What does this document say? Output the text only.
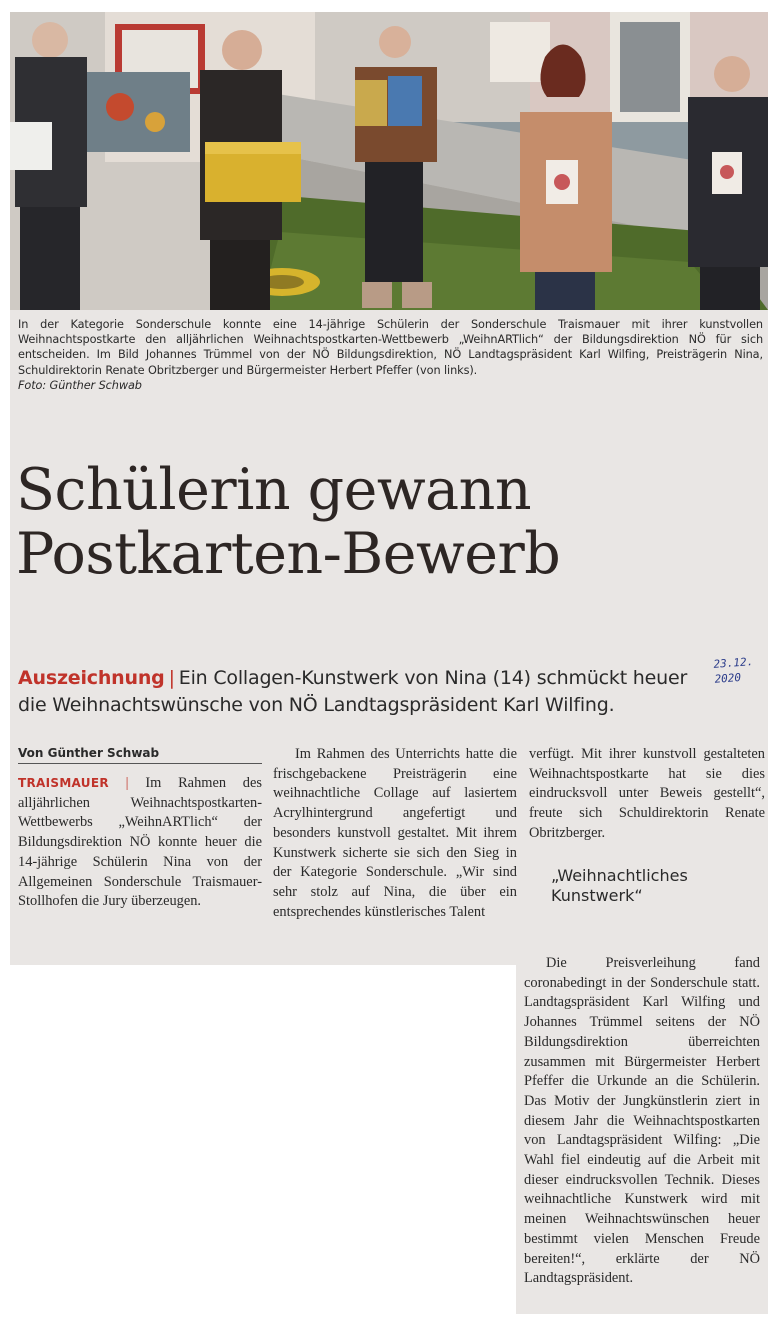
In der Kategorie Sonderschule konnte eine 14-jährige Schülerin der Sonderschule Traismauer mit ihrer kunstvollen Weihnachtspostkarte den alljährlichen Weihnachtspostkarten-Wettbewerb „WeihnARTlich“ der Bildungsdirektion NÖ für sich entscheiden. Im Bild Johannes Trümmel von der NÖ Bildungsdirektion, NÖ Landtagspräsident Karl Wilfing, Preisträgerin Nina, Schuldirektorin Renate Obritzberger und Bürgermeister Herbert Pfeffer (von links).
Foto: Günther Schwab
Schülerin gewann
Postkarten-Bewerb
Auszeichnung | Ein Collagen-Kunstwerk von Nina (14) schmückt heuer die Weihnachtswünsche von NÖ Landtagspräsident Karl Wilfing.
23.12.
2020
Von Günther Schwab

TRAISMAUER | Im Rahmen des alljährlichen Weihnachtspostkarten-Wettbewerbs „WeihnARTlich“ der Bildungsdirektion NÖ konnte heuer die 14-jährige Schülerin Nina von der Allgemeinen Sonderschule Traismauer-Stollhofen die Jury überzeugen.

Im Rahmen des Unterrichts hatte die frischgebackene Preisträgerin eine weihnachtliche Collage auf lasiertem Acrylhintergrund angefertigt und besonders kunstvoll gestaltet. Mit ihrem Kunstwerk sicherte sie sich den Sieg in der Kategorie Sonderschule. „Wir sind sehr stolz auf Nina, die über ein entsprechendes künstlerisches Talent

verfügt. Mit ihrer kunstvoll gestalteten Weihnachtspostkarte hat sie dies eindrucksvoll unter Beweis gestellt“, freute sich Schuldirektorin Renate Obritzberger.

„Weihnachtliches Kunstwerk“

Die Preisverleihung fand coronabedingt in der Sonderschule statt. Landtagspräsident Karl Wilfing und Johannes Trümmel seitens der NÖ Bildungsdirektion überreichten zusammen mit Bürgermeister Herbert Pfeffer die Urkunde an die Schülerin. Das Motiv der Jungkünstlerin ziert in diesem Jahr die Weihnachtspostkarten von Landtagspräsident Wilfing: „Die Wahl fiel eindeutig auf die Arbeit mit dieser eindrucksvollen Technik. Dieses weihnachtliche Kunstwerk wird mit meinen Weihnachtswünschen heuer bestimmt vielen Menschen Freude bereiten!“, erklärte der NÖ Landtagspräsident.
